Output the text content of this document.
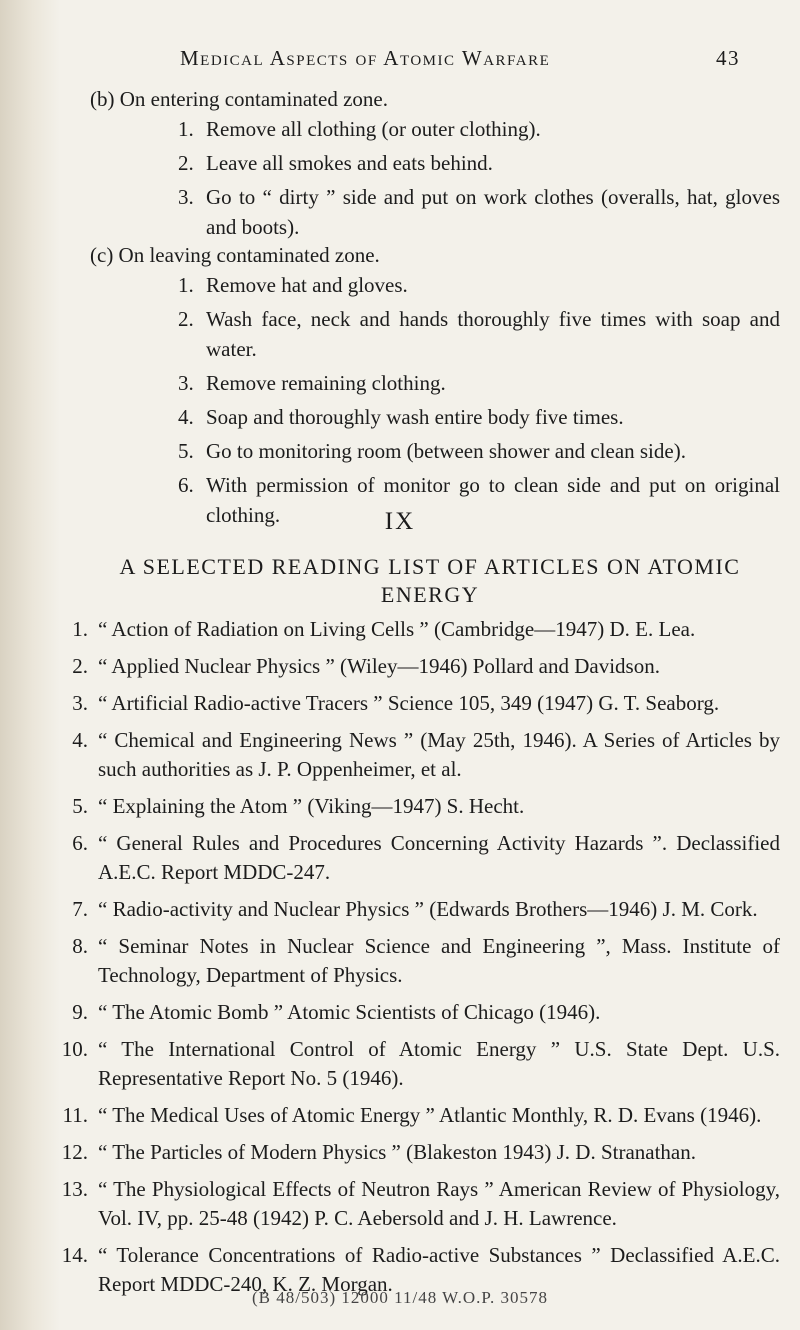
Medical Aspects of Atomic Warfare	43

(b) On entering contaminated zone.

1. Remove all clothing (or outer clothing).
2. Leave all smokes and eats behind.
3. Go to “ dirty ” side and put on work clothes (overalls, hat, gloves and boots).

(c) On leaving contaminated zone.

1. Remove hat and gloves.
2. Wash face, neck and hands thoroughly five times with soap and water.
3. Remove remaining clothing.
4. Soap and thoroughly wash entire body five times.
5. Go to monitoring room (between shower and clean side).
6. With permission of monitor go to clean side and put on original clothing.	IX
A SELECTED READING LIST OF ARTICLES ON ATOMIC ENERGY
1. “ Action of Radiation on Living Cells ” (Cambridge—1947) D. E. Lea.
2. “ Applied Nuclear Physics ” (Wiley—1946) Pollard and Davidson.
3. “ Artificial Radio-active Tracers ” Science 105, 349 (1947) G. T. Seaborg.
4. “ Chemical and Engineering News ” (May 25th, 1946). A Series of Articles by such authorities as J. P. Oppenheimer, et al.
5. “ Explaining the Atom ” (Viking—1947) S. Hecht.
6. “ General Rules and Procedures Concerning Activity Hazards ”. Declassified A.E.C. Report MDDC-247.
7. “ Radio-activity and Nuclear Physics ” (Edwards Brothers—1946) J. M. Cork.
8. “ Seminar Notes in Nuclear Science and Engineering ”, Mass. Institute of Technology, Department of Physics.
9. “ The Atomic Bomb ” Atomic Scientists of Chicago (1946).
10. “ The International Control of Atomic Energy ” U.S. State Dept. U.S. Representative Report No. 5 (1946).
11. “ The Medical Uses of Atomic Energy ” Atlantic Monthly, R. D. Evans (1946).
12. “ The Particles of Modern Physics ” (Blakeston 1943) J. D. Stranathan.
13. “ The Physiological Effects of Neutron Rays ” American Review of Physiology, Vol. IV, pp. 25-48 (1942) P. C. Aebersold and J. H. Lawrence.
14. “ Tolerance Concentrations of Radio-active Substances ” Declassified A.E.C. Report MDDC-240, K. Z. Morgan.
(B 48/503) 12000 11/48 W.O.P. 30578
